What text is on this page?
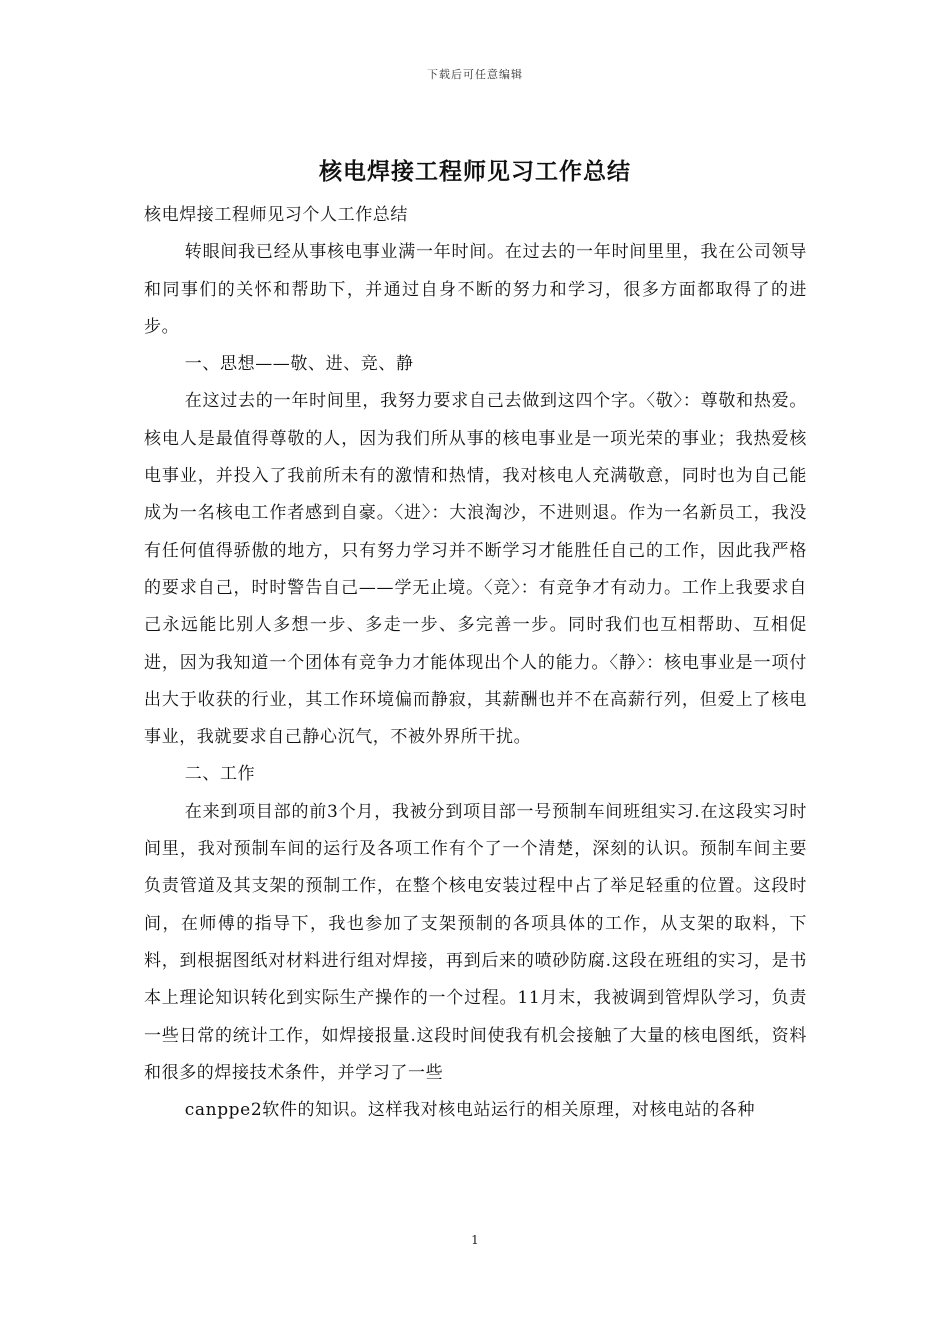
下载后可任意编辑
核电焊接工程师见习工作总结

核电焊接工程师见习个人工作总结

转眼间我已经从事核电事业满一年时间。在过去的一年时间里里，我在公司领导和同事们的关怀和帮助下，并通过自身不断的努力和学习，很多方面都取得了的进步。

一、思想——敬、进、竞、静

在这过去的一年时间里，我努力要求自己去做到这四个字。〈敬〉：尊敬和热爱。核电人是最值得尊敬的人，因为我们所从事的核电事业是一项光荣的事业；我热爱核电事业，并投入了我前所未有的激情和热情，我对核电人充满敬意，同时也为自己能成为一名核电工作者感到自豪。〈进〉：大浪淘沙，不进则退。作为一名新员工，我没有任何值得骄傲的地方，只有努力学习并不断学习才能胜任自己的工作，因此我严格的要求自己，时时警告自己——学无止境。〈竞〉：有竞争才有动力。工作上我要求自己永远能比别人多想一步、多走一步、多完善一步。同时我们也互相帮助、互相促进，因为我知道一个团体有竞争力才能体现出个人的能力。〈静〉：核电事业是一项付出大于收获的行业，其工作环境偏而静寂，其薪酬也并不在高薪行列，但爱上了核电事业，我就要求自己静心沉气，不被外界所干扰。

二、工作

在来到项目部的前3个月，我被分到项目部一号预制车间班组实习.在这段实习时间里，我对预制车间的运行及各项工作有个了一个清楚，深刻的认识。预制车间主要负责管道及其支架的预制工作，在整个核电安装过程中占了举足轻重的位置。这段时间，在师傅的指导下，我也参加了支架预制的各项具体的工作，从支架的取料，下料，到根据图纸对材料进行组对焊接，再到后来的喷砂防腐.这段在班组的实习，是书本上理论知识转化到实际生产操作的一个过程。11月末，我被调到管焊队学习，负责一些日常的统计工作，如焊接报量.这段时间使我有机会接触了大量的核电图纸，资料和很多的焊接技术条件，并学习了一些

canppe2软件的知识。这样我对核电站运行的相关原理，对核电站的各种

1
